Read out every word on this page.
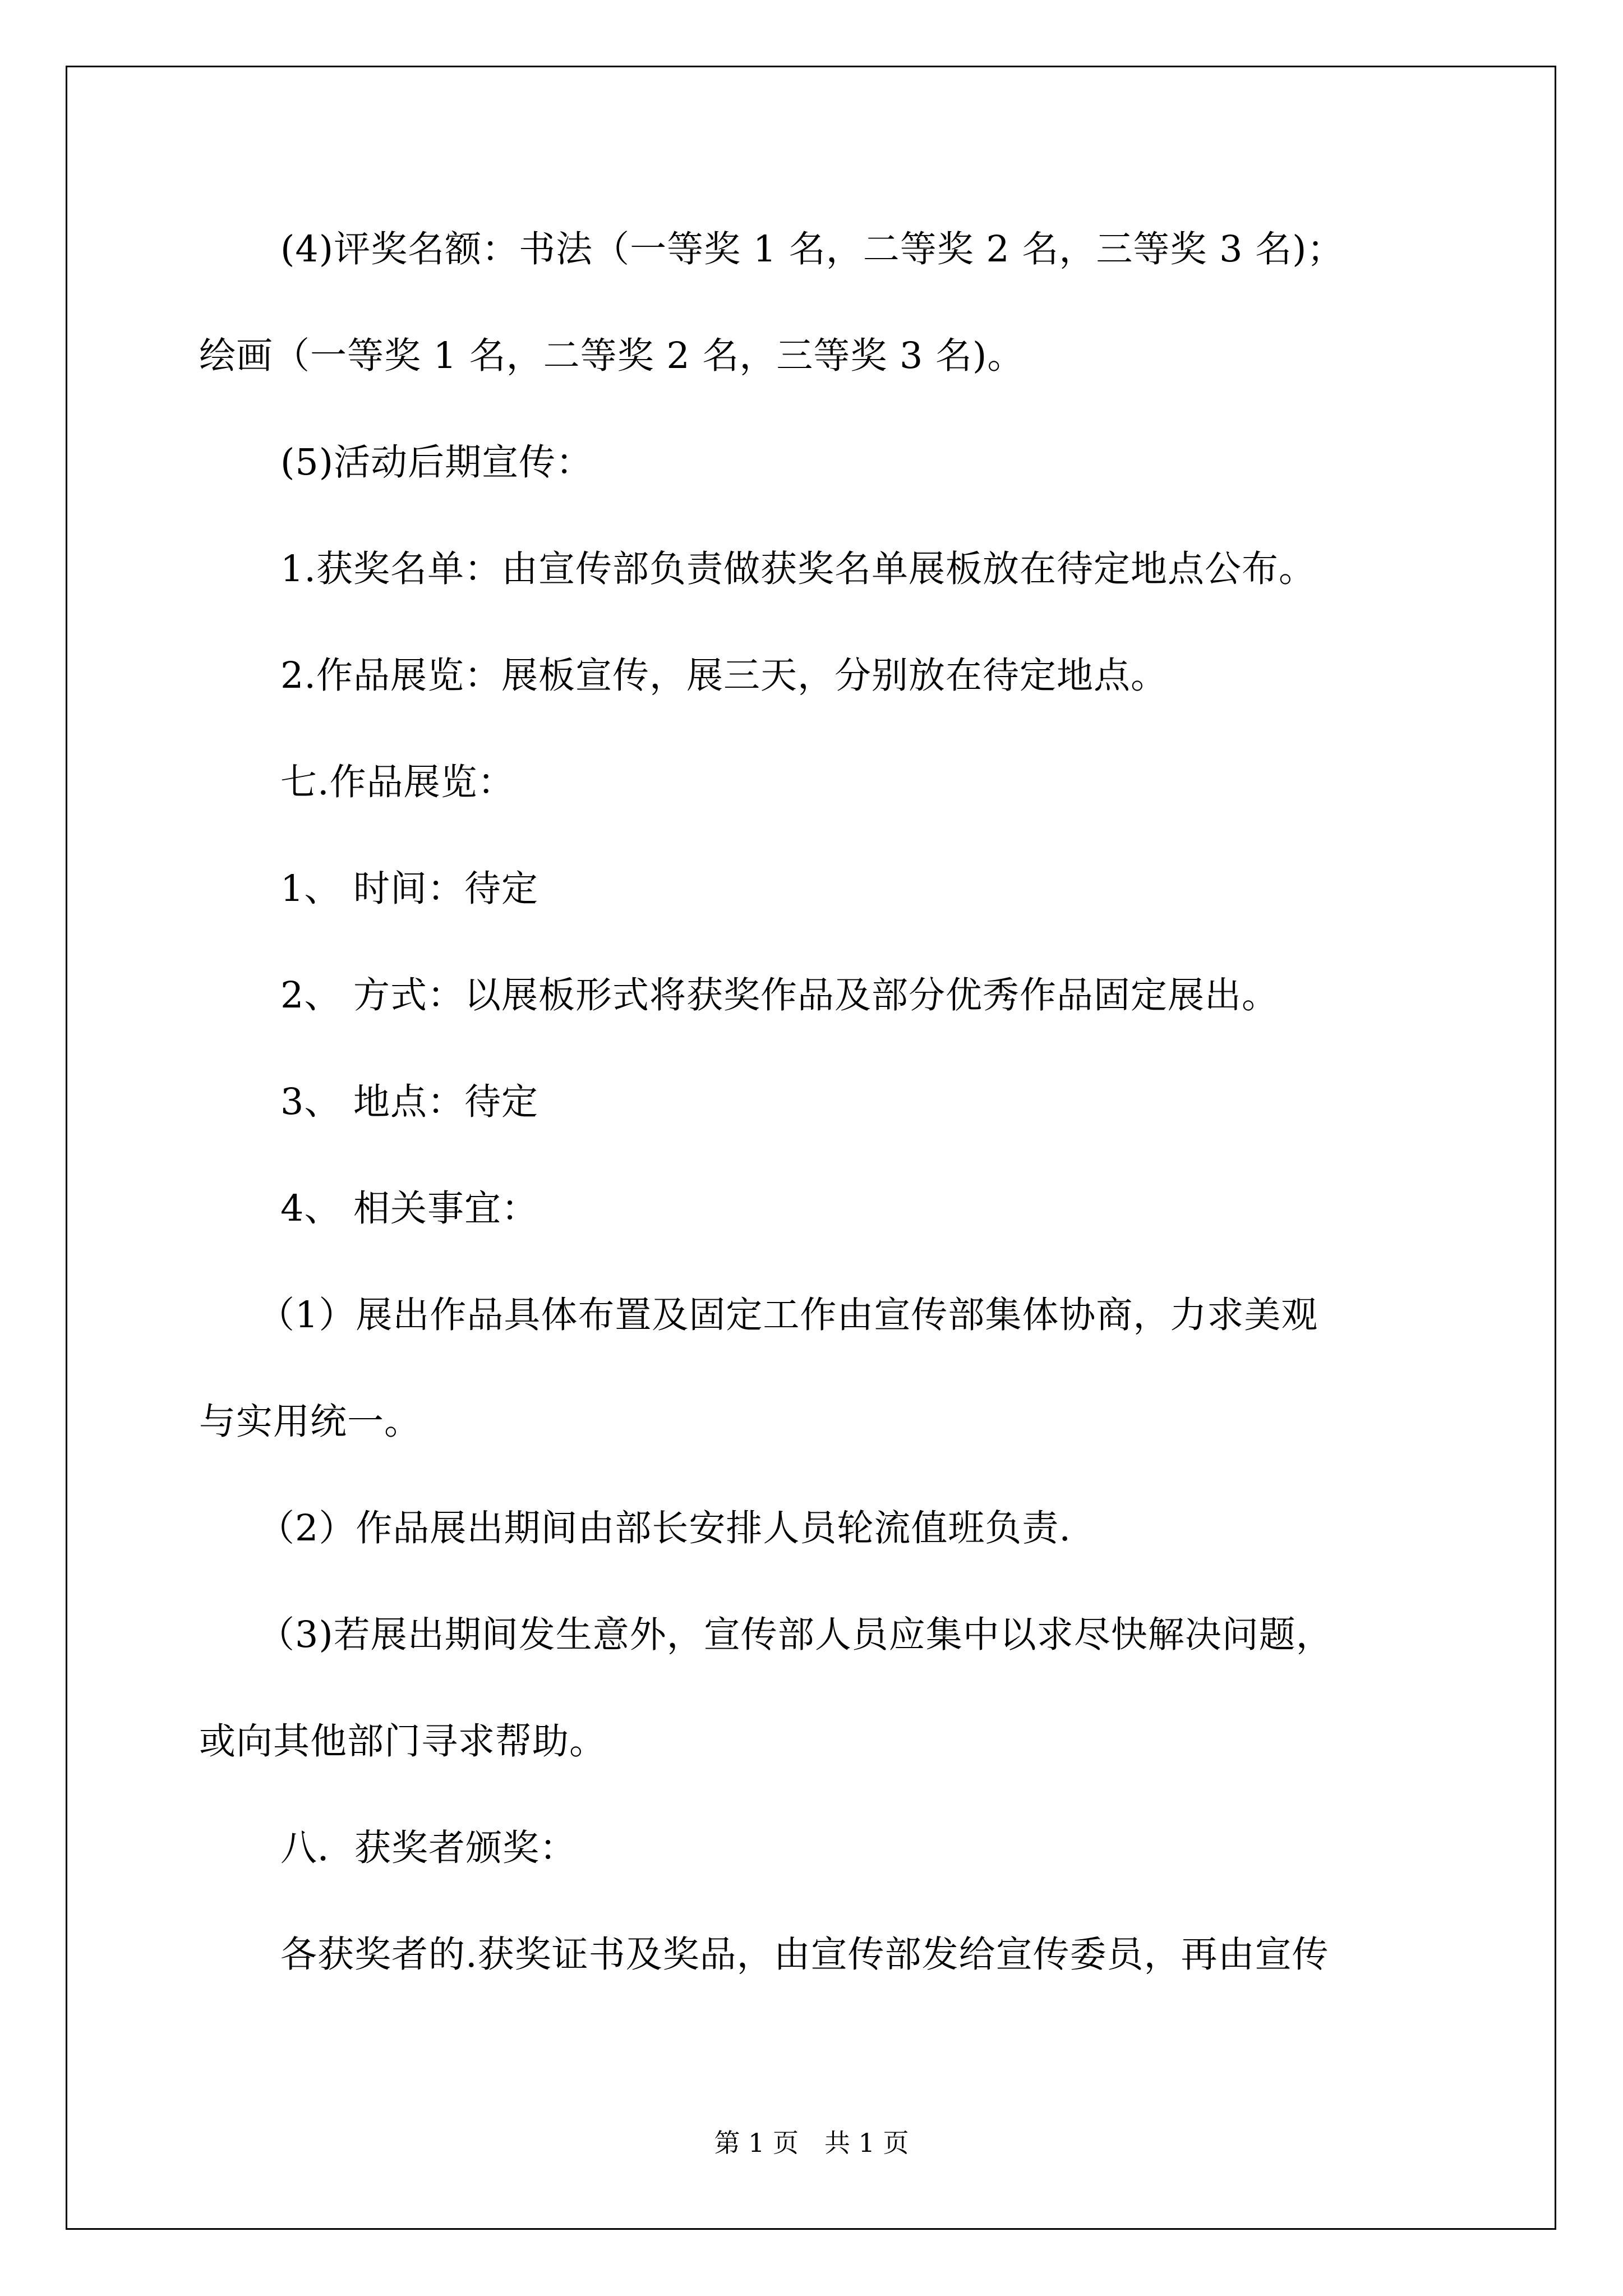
(4)评奖名额：书法（一等奖 1 名，二等奖 2 名，三等奖 3 名)；
绘画（一等奖 1 名，二等奖 2 名，三等奖 3 名)。
(5)活动后期宣传：
1.获奖名单：由宣传部负责做获奖名单展板放在待定地点公布。
2.作品展览：展板宣传，展三天，分别放在待定地点。
七.作品展览：
1、 时间：待定
2、 方式：以展板形式将获奖作品及部分优秀作品固定展出。
3、 地点：待定
4、 相关事宜：
（1）展出作品具体布置及固定工作由宣传部集体协商，力求美观
与实用统一。
（2）作品展出期间由部长安排人员轮流值班负责.
（3)若展出期间发生意外，宣传部人员应集中以求尽快解决问题，
或向其他部门寻求帮助。
八．获奖者颁奖：
各获奖者的.获奖证书及奖品，由宣传部发给宣传委员，再由宣传
第 1 页　共 1 页
